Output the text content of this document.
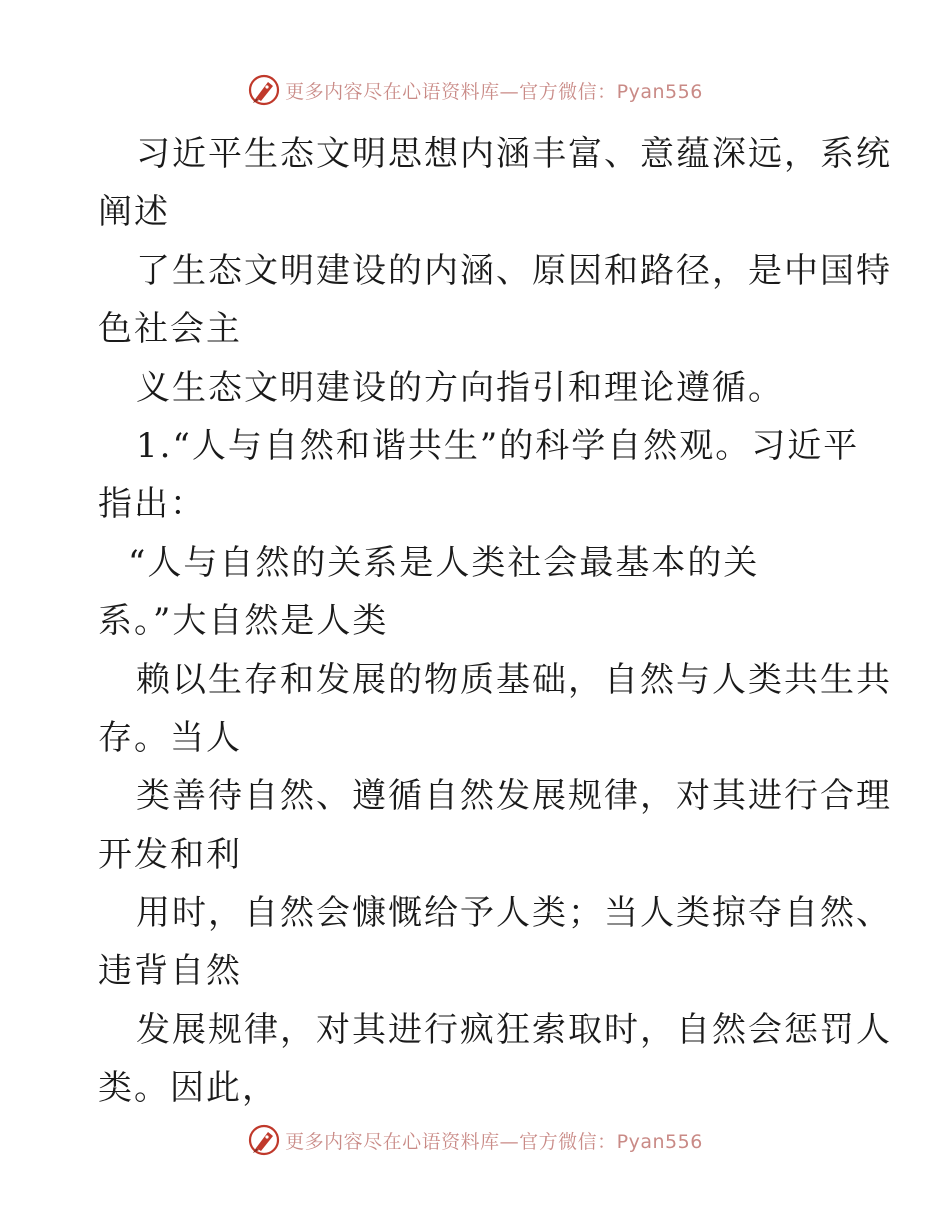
更多内容尽在心语资料库—官方微信：Pyan556
习近平生态文明思想内涵丰富、意蕴深远，系统
阐述
了生态文明建设的内涵、原因和路径，是中国特
色社会主
义生态文明建设的方向指引和理论遵循。
1.“人与自然和谐共生”的科学自然观。习近平
指出：
“人与自然的关系是人类社会最基本的关
系。”大自然是人类
赖以生存和发展的物质基础，自然与人类共生共
存。当人
类善待自然、遵循自然发展规律，对其进行合理
开发和利
用时，自然会慷慨给予人类；当人类掠夺自然、
违背自然
发展规律，对其进行疯狂索取时，自然会惩罚人
类。因此，
更多内容尽在心语资料库—官方微信：Pyan556
